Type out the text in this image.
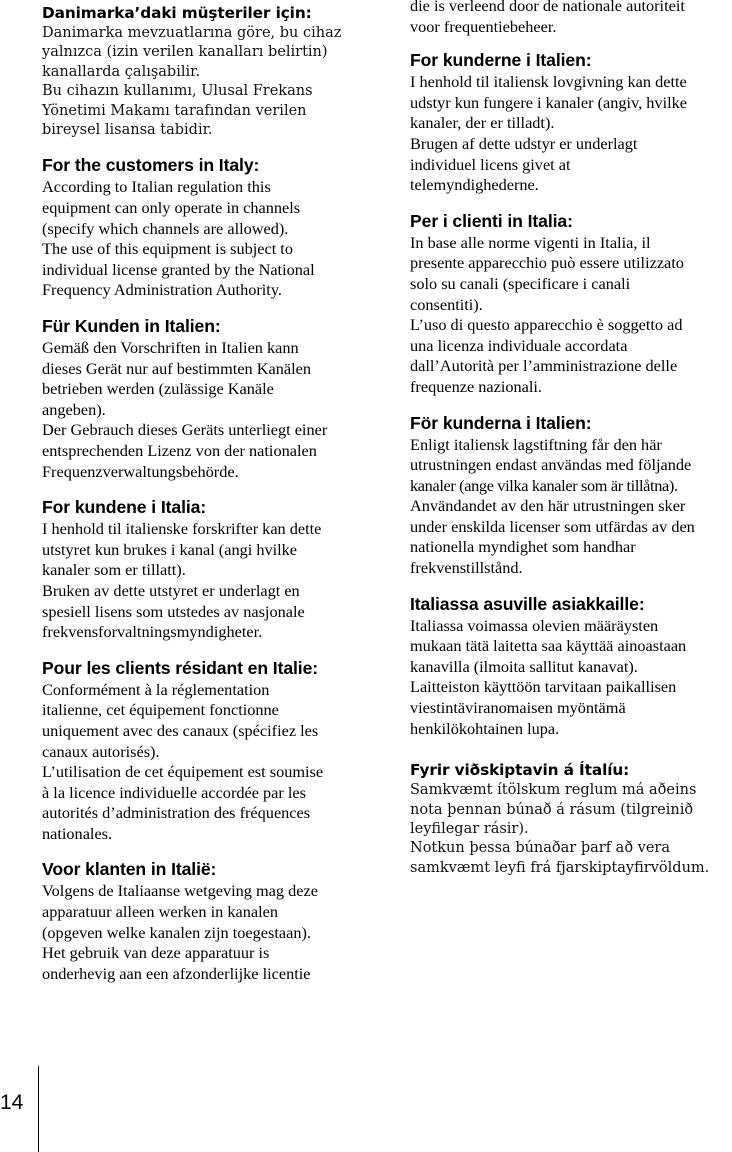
Danimarka’daki müşteriler için:

Danimarka mevzuatlarına göre, bu cihaz

yalnızca (izin verilen kanalları belirtin)

kanallarda çalışabilir.

Bu cihazın kullanımı, Ulusal Frekans

Yönetimi Makamı tarafından verilen

bireysel lisansa tabidir.

For the customers in Italy:

According to Italian regulation this

equipment can only operate in channels

(specify which channels are allowed).

The use of this equipment is subject to

individual license granted by the National

Frequency Administration Authority.

Für Kunden in Italien:

Gemäß den Vorschriften in Italien kann

dieses Gerät nur auf bestimmten Kanälen

betrieben werden (zulässige Kanäle

angeben).

Der Gebrauch dieses Geräts unterliegt einer

entsprechenden Lizenz von der nationalen

Frequenzverwaltungsbehörde.

For kundene i Italia:

I henhold til italienske forskrifter kan dette

utstyret kun brukes i kanal (angi hvilke

kanaler som er tillatt).

Bruken av dette utstyret er underlagt en

spesiell lisens som utstedes av nasjonale

frekvensforvaltningsmyndigheter.

Pour les clients résidant en Italie:

Conformément à la réglementation

italienne, cet équipement fonctionne

uniquement avec des canaux (spécifiez les

canaux autorisés).

L’utilisation de cet équipement est soumise

à la licence individuelle accordée par les

autorités d’administration des fréquences

nationales.

Voor klanten in Italië:

Volgens de Italiaanse wetgeving mag deze

apparatuur alleen werken in kanalen

(opgeven welke kanalen zijn toegestaan).

Het gebruik van deze apparatuur is

onderhevig aan een afzonderlijke licentie

die is verleend door de nationale autoriteit

voor frequentiebeheer.

For kunderne i Italien:

I henhold til italiensk lovgivning kan dette

udstyr kun fungere i kanaler (angiv, hvilke

kanaler, der er tilladt).

Brugen af dette udstyr er underlagt

individuel licens givet at

telemyndighederne.

Per i clienti in Italia:

In base alle norme vigenti in Italia, il

presente apparecchio può essere utilizzato

solo su canali (specificare i canali

consentiti).

L’uso di questo apparecchio è soggetto ad

una licenza individuale accordata

dall’Autorità per l’amministrazione delle

frequenze nazionali.

För kunderna i Italien:

Enligt italiensk lagstiftning får den här

utrustningen endast användas med följande

kanaler (ange vilka kanaler som är tillåtna).

Användandet av den här utrustningen sker

under enskilda licenser som utfärdas av den

nationella myndighet som handhar

frekvenstillstånd.

Italiassa asuville asiakkaille:

Italiassa voimassa olevien määräysten

mukaan tätä laitetta saa käyttää ainoastaan

kanavilla (ilmoita sallitut kanavat).

Laitteiston käyttöön tarvitaan paikallisen

viestintäviranomaisen myöntämä

henkilökohtainen lupa.

Fyrir viðskiptavin á Ítalíu:

Samkvæmt ítölskum reglum má aðeins

nota þennan búnað á rásum (tilgreinið

leyfilegar rásir).

Notkun þessa búnaðar þarf að vera

samkvæmt leyfi frá fjarskiptayfirvöldum.

14
